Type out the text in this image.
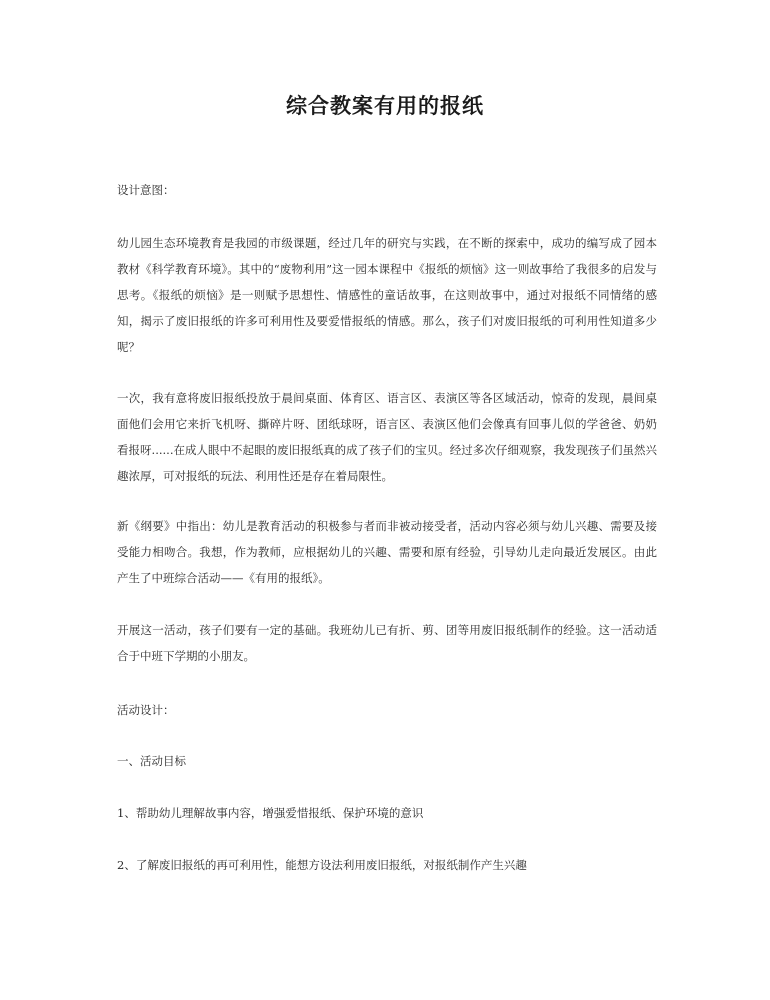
综合教案有用的报纸

设计意图：

幼儿园生态环境教育是我园的市级课题，经过几年的研究与实践，在不断的探索中，成功的编写成了园本教材《科学教育环境》。其中的“废物利用”这一园本课程中《报纸的烦恼》这一则故事给了我很多的启发与思考。《报纸的烦恼》是一则赋予思想性、情感性的童话故事，在这则故事中，通过对报纸不同情绪的感知，揭示了废旧报纸的许多可利用性及要爱惜报纸的情感。那么，孩子们对废旧报纸的可利用性知道多少呢？

一次，我有意将废旧报纸投放于晨间桌面、体育区、语言区、表演区等各区域活动，惊奇的发现，晨间桌面他们会用它来折飞机呀、撕碎片呀、团纸球呀，语言区、表演区他们会像真有回事儿似的学爸爸、奶奶看报呀......在成人眼中不起眼的废旧报纸真的成了孩子们的宝贝。经过多次仔细观察，我发现孩子们虽然兴趣浓厚，可对报纸的玩法、利用性还是存在着局限性。

新《纲要》中指出：幼儿是教育活动的积极参与者而非被动接受者，活动内容必须与幼儿兴趣、需要及接受能力相吻合。我想，作为教师，应根据幼儿的兴趣、需要和原有经验，引导幼儿走向最近发展区。由此产生了中班综合活动——《有用的报纸》。

开展这一活动，孩子们要有一定的基础。我班幼儿已有折、剪、团等用废旧报纸制作的经验。这一活动适合于中班下学期的小朋友。

活动设计：

一、活动目标

1、帮助幼儿理解故事内容，增强爱惜报纸、保护环境的意识

2、了解废旧报纸的再可利用性，能想方设法利用废旧报纸，对报纸制作产生兴趣
